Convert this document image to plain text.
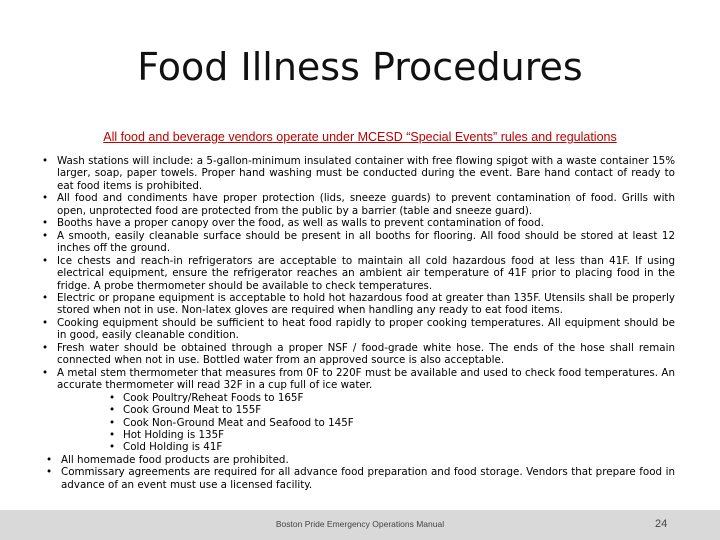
Food Illness Procedures
All food and beverage vendors operate under MCESD “Special Events” rules and regulations
• Wash stations will include: a 5-gallon-minimum insulated container with free flowing spigot with a waste container 15% larger, soap, paper towels. Proper hand washing must be conducted during the event. Bare hand contact of ready to eat food items is prohibited.
• All food and condiments have proper protection (lids, sneeze guards) to prevent contamination of food. Grills with open, unprotected food are protected from the public by a barrier (table and sneeze guard).
• Booths have a proper canopy over the food, as well as walls to prevent contamination of food.
• A smooth, easily cleanable surface should be present in all booths for flooring. All food should be stored at least 12 inches off the ground.
• Ice chests and reach-in refrigerators are acceptable to maintain all cold hazardous food at less than 41F. If using electrical equipment, ensure the refrigerator reaches an ambient air temperature of 41F prior to placing food in the fridge. A probe thermometer should be available to check temperatures.
• Electric or propane equipment is acceptable to hold hot hazardous food at greater than 135F. Utensils shall be properly stored when not in use. Non-latex gloves are required when handling any ready to eat food items.
• Cooking equipment should be sufficient to heat food rapidly to proper cooking temperatures. All equipment should be in good, easily cleanable condition.
• Fresh water should be obtained through a proper NSF / food-grade white hose. The ends of the hose shall remain connected when not in use. Bottled water from an approved source is also acceptable.
• A metal stem thermometer that measures from 0F to 220F must be available and used to check food temperatures. An accurate thermometer will read 32F in a cup full of ice water.
• Cook Poultry/Reheat Foods to 165F
• Cook Ground Meat to 155F
• Cook Non-Ground Meat and Seafood to 145F
• Hot Holding is 135F
• Cold Holding is 41F
• All homemade food products are prohibited.
• Commissary agreements are required for all advance food preparation and food storage. Vendors that prepare food in advance of an event must use a licensed facility.
Boston Pride Emergency Operations Manual	24
